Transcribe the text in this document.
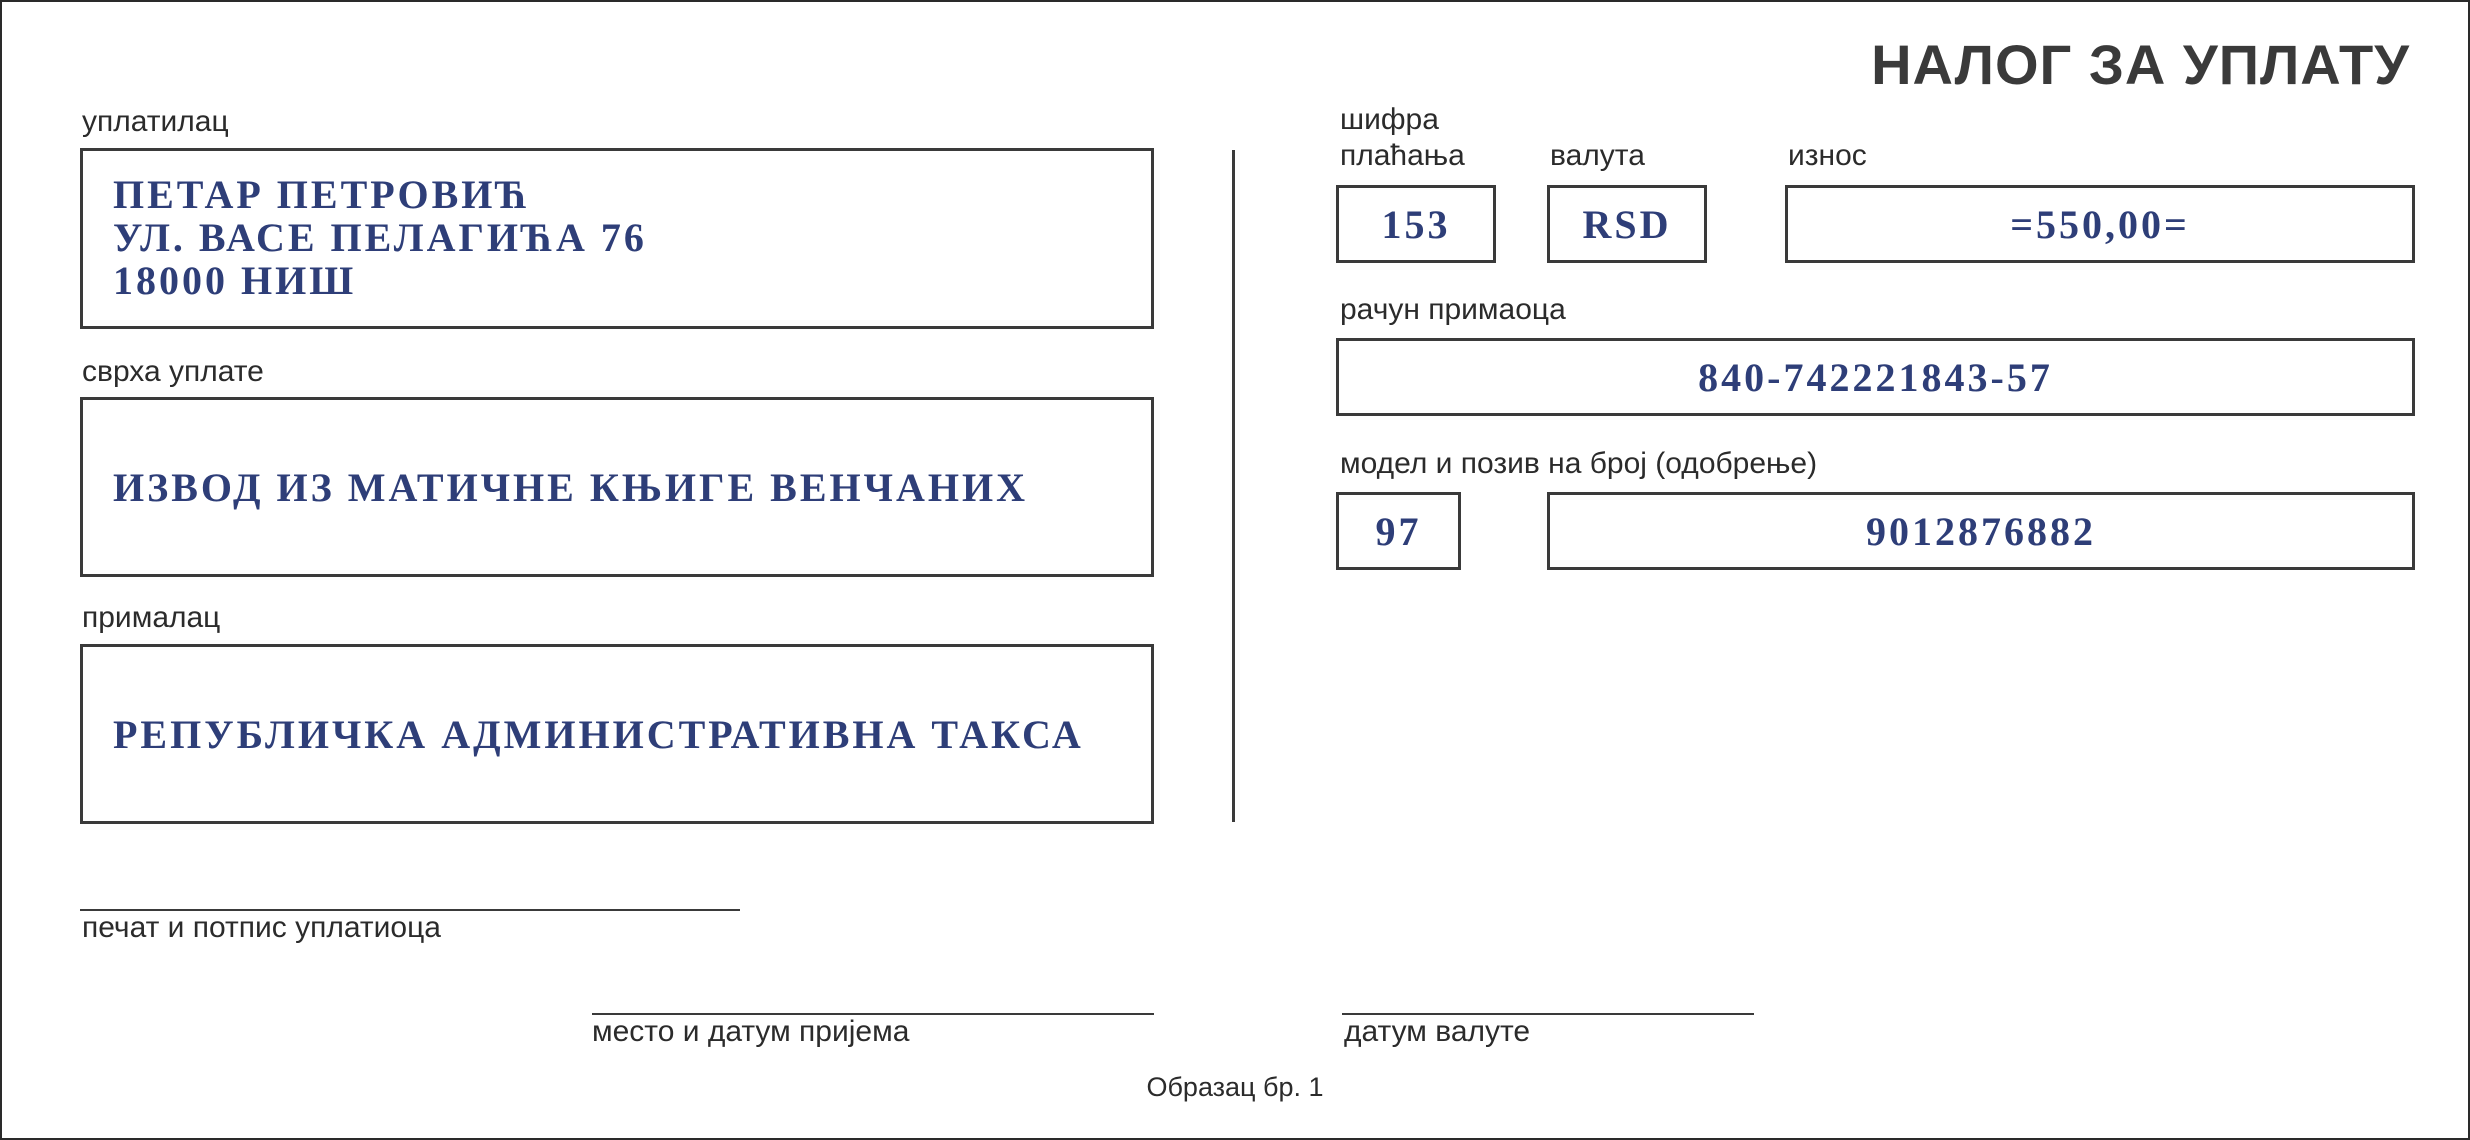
НАЛОГ ЗА УПЛАТУ
уплатилац
ПЕТАР ПЕТРОВИЋ
УЛ. ВАСЕ ПЕЛАГИЋА 76
18000 НИШ
сврха уплате
ИЗВОД ИЗ МАТИЧНЕ КЊИГЕ ВЕНЧАНИХ
прималац
РЕПУБЛИЧКА АДМИНИСТРАТИВНА ТАКСА
шифра
плаћања	валута	износ
153	RSD	=550,00=
рачун примаоца
840-742221843-57
модел и позив на број (одобрење)
97	9012876882
печат и потпис уплатиоца
место и датум пријема	датум валуте
Образац бр. 1
